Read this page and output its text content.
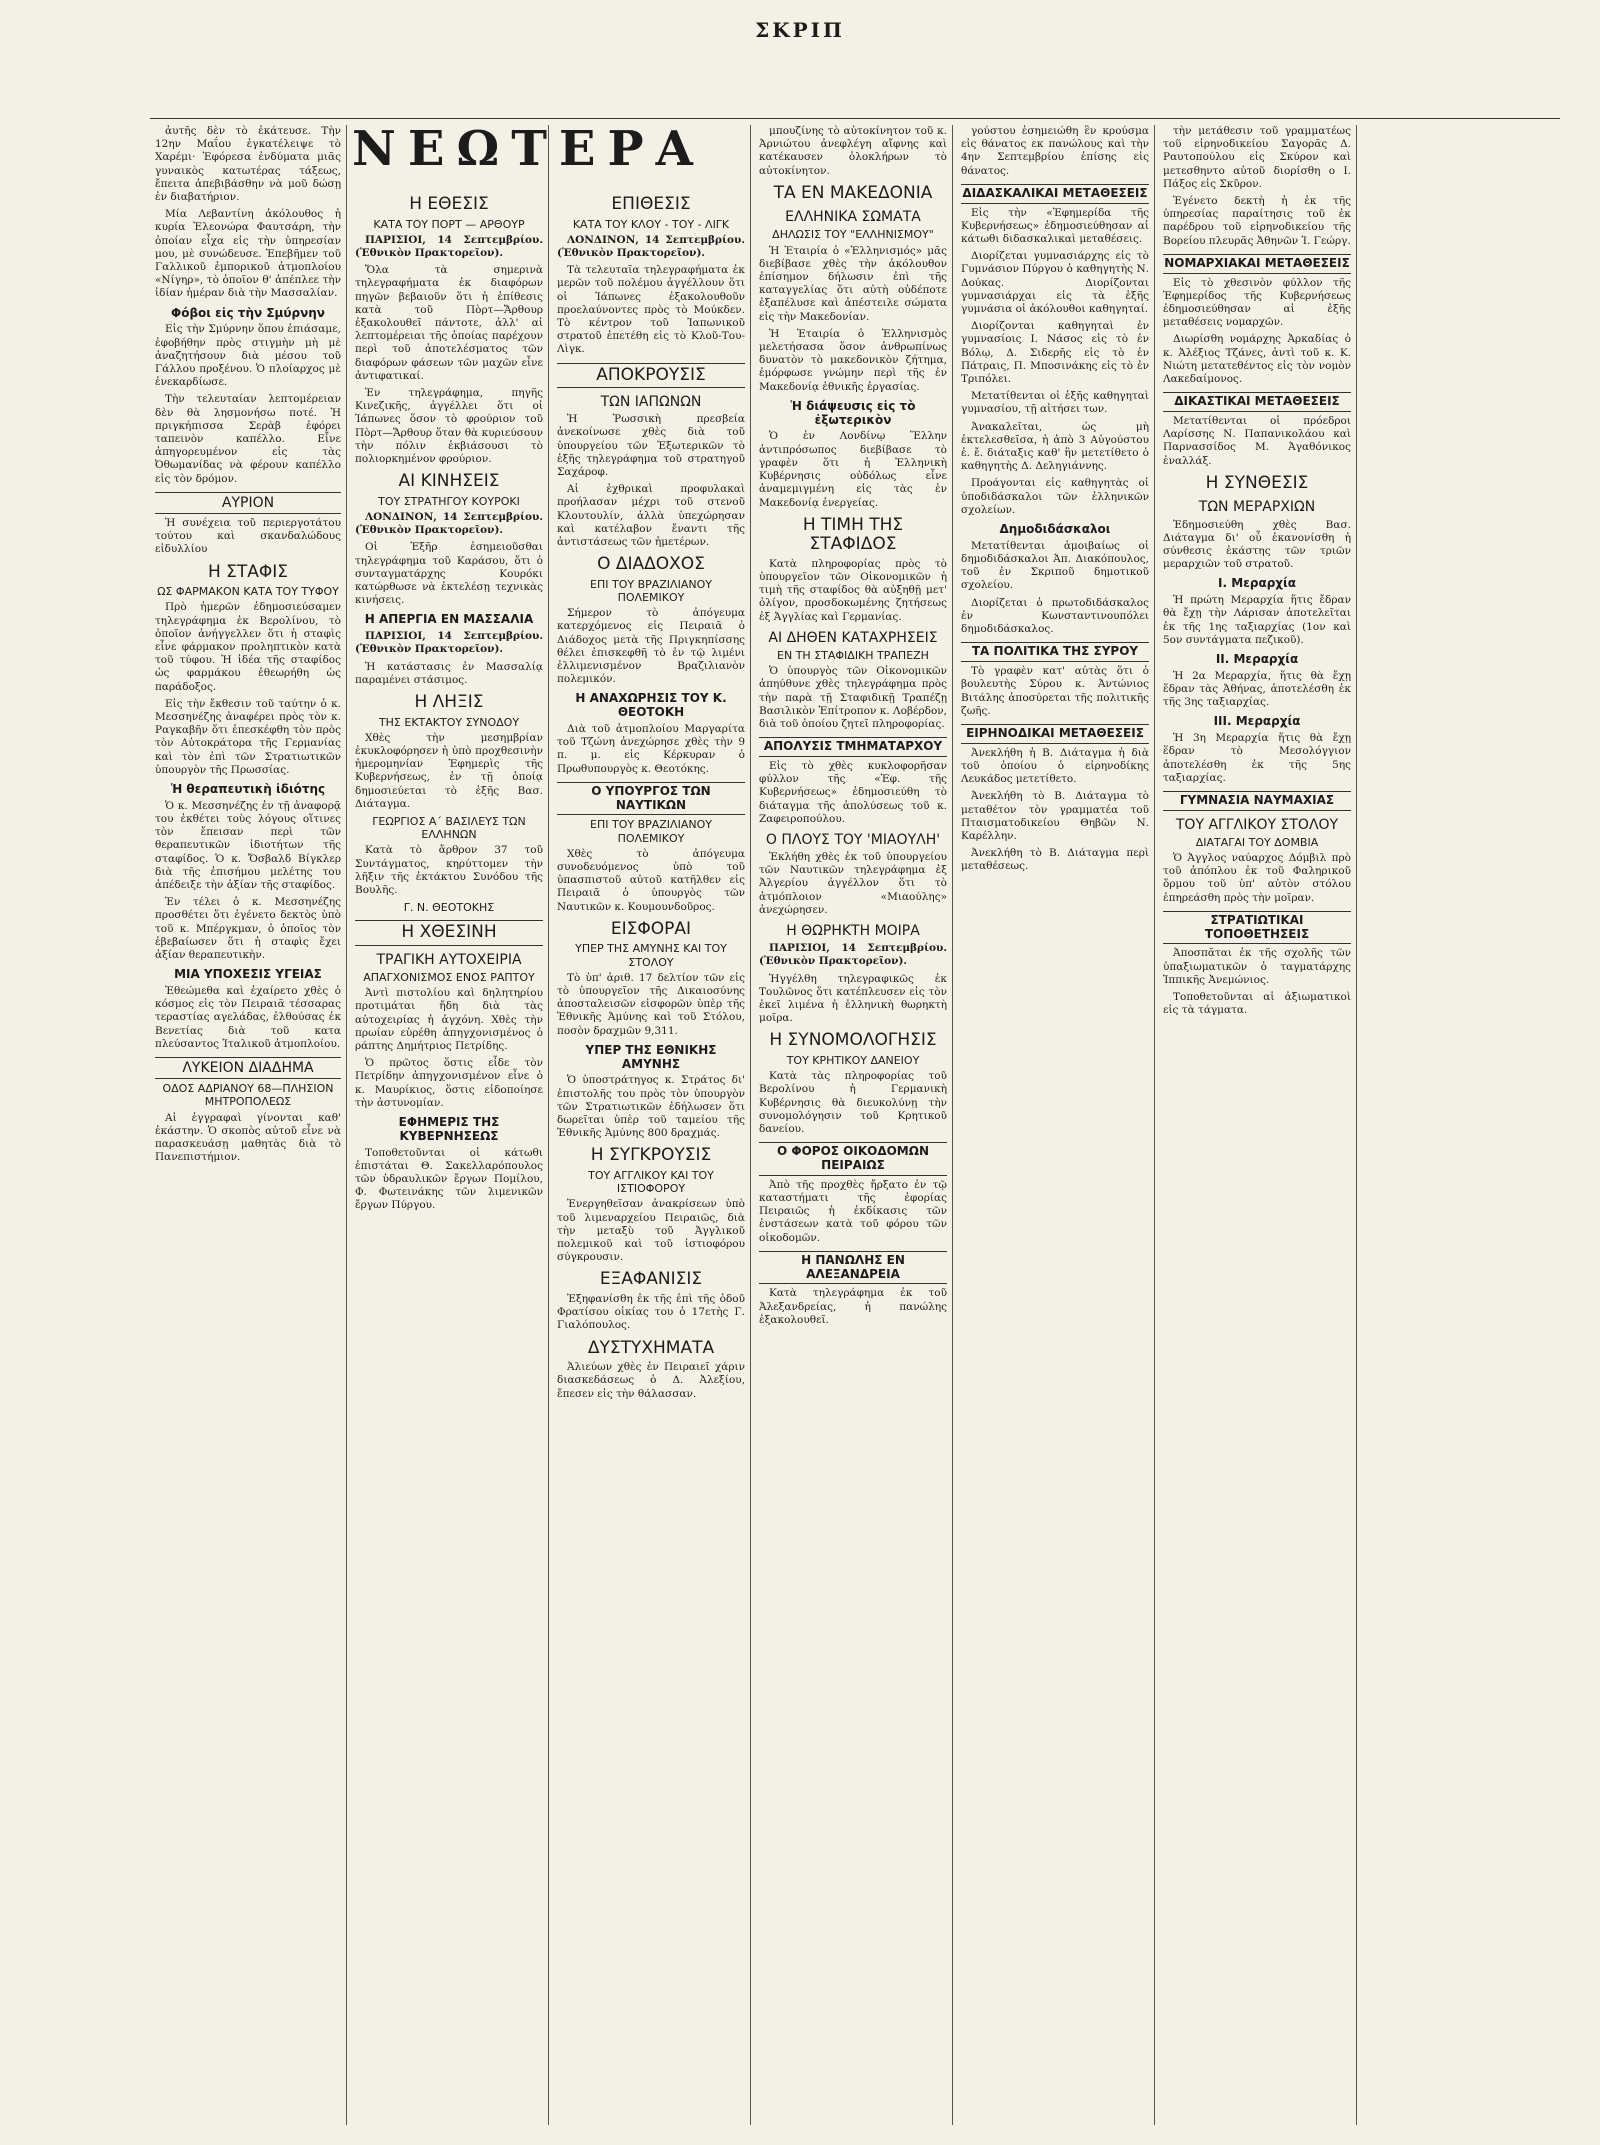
ΣΚΡΙΠ
ΝΕΩΤΕΡΑ

ἀυτῆς δὲν τὸ ἐκάτευσε. Τὴν 12ην Μαΐου ἐγκατέλειψε τὸ Χαρέμι· Ἐφόρεσα ἐνδύματα μιᾶς γυναικὸς κατωτέρας τάξεως, ἔπειτα ἀπεβιβάσθην νὰ μοῦ δώσῃ ἐν διαβατήριον.

Μία Λεβαντίνη ἀκόλουθος ἡ κυρία Ἐλεονώρα Φαυτσάρη, τὴν ὁποίαν εἶχα εἰς τὴν ὑπηρεσίαν μου, μὲ συνώδευσε. Ἐπεβῆμεν τοῦ Γαλλικοῦ ἐμπορικοῦ ἀτμοπλοίου «Νίγηρ», τὸ ὁποῖον θ' ἀπέπλεε τὴν ἰδίαν ἡμέραν διὰ τὴν Μασσαλίαν.

Φόβοι εἰς τὴν Σμύρνην

Εἰς τὴν Σμύρνην ὅπου ἐπιάσαμε, ἐφοβήθην πρὸς στιγμὴν μὴ μὲ ἀναζητήσουν διὰ μέσου τοῦ Γάλλου προξένου. Ὁ πλοίαρχος μὲ ἐνεκαρδίωσε.

Τὴν τελευταίαν λεπτομέρειαν δὲν θὰ λησμονήσω ποτέ. Ἡ πριγκήπισσα Σερὰβ ἐφόρει ταπεινὸν καπέλλο. Εἶνε ἀπηγορευμένον εἰς τὰς Ὀθωμανίδας νὰ φέρουν καπέλλο εἰς τὸν δρόμον.

ΑΥΡΙΟΝ

Ἡ συνέχεια τοῦ περιεργοτάτου τούτου καὶ σκανδαλώδους εἰδυλλίου

Η ΣΤΑΦΙΣ
ΩΣ ΦΑΡΜΑΚΟΝ ΚΑΤΑ ΤΟΥ ΤΥΦΟΥ

Πρὸ ἡμερῶν ἐδημοσιεύσαμεν τηλεγράφημα ἐκ Βερολίνου, τὸ ὁποῖον ἀνήγγελλεν ὅτι ἡ σταφὶς εἶνε φάρμακον προληπτικὸν κατὰ τοῦ τύφου. Ἡ ἰδέα τῆς σταφίδος ὡς φαρμάκου ἐθεωρήθη ὡς παράδοξος.

Εἰς τὴν ἔκθεσιν τοῦ ταύτην ὁ κ. Μεσσηνέζης ἀναφέρει πρὸς τὸν κ. Ραγκαβῆν ὅτι ἐπεσκέφθη τὸν πρὸς τὸν Αὐτοκράτορα τῆς Γερμανίας καὶ τὸν ἐπὶ τῶν Στρατιωτικῶν ὑπουργὸν τῆς Πρωσσίας.

Ἡ θεραπευτικὴ ἰδιότης

Ὁ κ. Μεσσηνέζης ἐν τῇ ἀναφορᾷ του ἐκθέτει τοὺς λόγους οἵτινες τὸν ἔπεισαν περὶ τῶν θεραπευτικῶν ἰδιοτήτων τῆς σταφίδος. Ὁ κ. Ὄσβαλδ Βίγκλερ διὰ τῆς ἐπισήμου μελέτης του ἀπέδειξε τὴν ἀξίαν τῆς σταφίδος.

Ἐν τέλει ὁ κ. Μεσσηνέζης προσθέτει ὅτι ἐγένετο δεκτὸς ὑπὸ τοῦ κ. Μπέργκμαν, ὁ ὁποῖος τὸν ἐβεβαίωσεν ὅτι ἡ σταφὶς ἔχει ἀξίαν θεραπευτικὴν.

ΜΙΑ ΥΠΟΧΕΣΙΣ ΥΓΕΙΑΣ

Ἐθεώμεθα καὶ ἐχαίρετο χθὲς ὁ κόσμος εἰς τὸν Πειραιᾶ τέσσαρας τεραστίας αγελάδας, ἐλθούσας ἐκ Βενετίας διὰ τοῦ κατα πλεύσαντος Ἰταλικοῦ ἀτμοπλοίου.

ΛΥΚΕΙΟΝ ΔΙΑΔΗΜΑ
ΟΔΟΣ ΑΔΡΙΑΝΟΥ 68—ΠΛΗΣΙΟΝ ΜΗΤΡΟΠΟΛΕΩΣ

Αἱ ἐγγραφαὶ γίνονται καθ' ἑκάστην. Ὁ σκοπὸς αὐτοῦ εἶνε νὰ παρασκευάσῃ μαθητὰς διὰ τὸ Πανεπιστήμιον.

Η ΕΘΕΣΙΣ
ΚΑΤΑ ΤΟΥ ΠΟΡΤ — ΑΡΘΟΥΡ

ΠΑΡΙΣΙΟΙ, 14 Σεπτεμβρίου. (Ἐθνικὸν Πρακτορεῖον).

Ὅλα τὰ σημερινὰ τηλεγραφήματα ἐκ διαφόρων πηγῶν βεβαιοῦν ὅτι ἡ ἐπίθεσις κατὰ τοῦ Πὸρτ—Ἄρθουρ ἐξακολουθεῖ πάντοτε, ἀλλ' αἱ λεπτομέρειαι τῆς ὁποίας παρέχουν περὶ τοῦ ἀποτελέσματος τῶν διαφόρων φάσεων τῶν μαχῶν εἶνε ἀντιφατικαί.

Ἐν τηλεγράφημα, πηγῆς Κινεζικῆς, ἀγγέλλει ὅτι οἱ Ἰάπωνες ὅσον τὸ φρούριον τοῦ Πὸρτ—Ἄρθουρ ὅταν θὰ κυριεύσουν τὴν πόλιν ἐκβιάσουσι τὸ πολιορκημένον φρούριον.

ΑΙ ΚΙΝΗΣΕΙΣ
ΤΟΥ ΣΤΡΑΤΗΓΟΥ ΚΟΥΡΟΚΙ

ΛΟΝΔΙΝΟΝ, 14 Σεπτεμβρίου. (Ἐθνικὸν Πρακτορεῖον).

Οἱ Ἐξῆρ ἐσημειοῦσθαι τηλεγράφημα τοῦ Καράσου, ὅτι ὁ συνταγματάρχης Κουρόκι κατώρθωσε νὰ ἐκτελέσῃ τεχνικὰς κινήσεις.

Η ΑΠΕΡΓΙΑ ΕΝ ΜΑΣΣΑΛΙΑ

ΠΑΡΙΣΙΟΙ, 14 Σεπτεμβρίου. (Ἐθνικὸν Πρακτορεῖον).

Ἡ κατάστασις ἐν Μασσαλίᾳ παραμένει στάσιμος.

Η ΛΗΞΙΣ
ΤΗΣ ΕΚΤΑΚΤΟΥ ΣΥΝΟΔΟΥ

Χθὲς τὴν μεσημβρίαν ἐκυκλοφόρησεν ἡ ὑπὸ προχθεσινὴν ἡμερομηνίαν Ἐφημερὶς τῆς Κυβερνήσεως, ἐν τῇ ὁποίᾳ δημοσιεύεται τὸ ἑξῆς Βασ. Διάταγμα.

ΓΕΩΡΓΙΟΣ Α΄ ΒΑΣΙΛΕΥΣ ΤΩΝ ΕΛΛΗΝΩΝ

Κατὰ τὸ ἄρθρον 37 τοῦ Συντάγματος, κηρύττομεν τὴν λῆξιν τῆς ἐκτάκτου Συνόδου τῆς Βουλῆς.

Γ. Ν. ΘΕΟΤΟΚΗΣ
Η ΧΘΕΣΙΝΗ
ΤΡΑΓΙΚΗ ΑΥΤΟΧΕΙΡΙΑ
ΑΠΑΓΧΟΝΙΣΜΟΣ ΕΝΟΣ ΡΑΠΤΟΥ

Ἀντὶ πιστολίου καὶ δηλητηρίου προτιμάται ἤδη διὰ τὰς αὐτοχειρίας ἡ ἀγχόνη. Χθὲς τὴν πρωίαν εὑρέθη ἀπηγχονισμένος ὁ ράπτης Δημήτριος Πετρίδης.

Ὁ πρῶτος ὅστις εἶδε τὸν Πετρίδην ἀπηγχονισμένον εἶνε ὁ κ. Μαυρίκιος, ὅστις εἰδοποίησε τὴν ἀστυνομίαν.

ΕΦΗΜΕΡΙΣ ΤΗΣ ΚΥΒΕΡΝΗΣΕΩΣ

Τοποθετοῦνται οἱ κάτωθι ἐπιστάται Θ. Σακελλαρόπουλος τῶν ὑδραυλικῶν ἔργων Πομίλου, Φ. Φωτεινάκης τῶν λιμενικῶν ἔργων Πύργου.

ΕΠΙΘΕΣΙΣ
ΚΑΤΑ ΤΟΥ ΚΛΟΥ - ΤΟΥ - ΛΙΓΚ

ΛΟΝΔΙΝΟΝ, 14 Σεπτεμβρίου. (Ἐθνικὸν Πρακτορεῖον).

Τὰ τελευταῖα τηλεγραφήματα ἐκ μερῶν τοῦ πολέμου ἀγγέλλουν ὅτι οἱ Ἰάπωνες ἐξακολουθοῦν προελαύνοντες πρὸς τὸ Μούκδεν. Τὸ κέντρον τοῦ Ἰαπωνικοῦ στρατοῦ ἐπετέθη εἰς τὸ Κλοῦ-Του-Λὶγκ.

ΑΠΟΚΡΟΥΣΙΣ
ΤΩΝ ΙΑΠΩΝΩΝ

Ἡ Ῥωσσικὴ πρεσβεία ἀνεκοίνωσε χθὲς διὰ τοῦ ὑπουργείου τῶν Ἐξωτερικῶν τὸ ἑξῆς τηλεγράφημα τοῦ στρατηγοῦ Σαχάροφ.

Αἱ ἐχθρικαὶ προφυλακαὶ προήλασαν μέχρι τοῦ στενοῦ Κλουτουλίν, ἀλλὰ ὑπεχώρησαν καὶ κατέλαβον ἔναντι τῆς ἀντιστάσεως τῶν ἡμετέρων.

Ο ΔΙΑΔΟΧΟΣ
ΕΠΙ ΤΟΥ ΒΡΑΖΙΛΙΑΝΟΥ ΠΟΛΕΜΙΚΟΥ

Σήμερον τὸ ἀπόγευμα κατερχόμενος εἰς Πειραιᾶ ὁ Διάδοχος μετὰ τῆς Πριγκηπίσσης θέλει ἐπισκεφθῆ τὸ ἐν τῷ λιμένι ἐλλιμενισμένον Βραζιλιανὸν πολεμικόν.

Η ΑΝΑΧΩΡΗΣΙΣ ΤΟΥ Κ. ΘΕΟΤΟΚΗ

Διὰ τοῦ ἀτμοπλοίου Μαργαρίτα τοῦ Τζώνη ἀνεχώρησε χθὲς τὴν 9 π. μ. εἰς Κέρκυραν ὁ Πρωθυπουργὸς κ. Θεοτόκης.

Ο ΥΠΟΥΡΓΟΣ ΤΩΝ ΝΑΥΤΙΚΩΝ
ΕΠΙ ΤΟΥ ΒΡΑΖΙΛΙΑΝΟΥ ΠΟΛΕΜΙΚΟΥ

Χθὲς τὸ ἀπόγευμα συνοδευόμενος ὑπὸ τοῦ ὑπασπιστοῦ αὐτοῦ κατῆλθεν εἰς Πειραιᾶ ὁ ὑπουργὸς τῶν Ναυτικῶν κ. Κουμουνδοῦρος.

ΕΙΣΦΟΡΑΙ
ΥΠΕΡ ΤΗΣ ΑΜΥΝΗΣ ΚΑΙ ΤΟΥ ΣΤΟΛΟΥ

Τὸ ὑπ' ἀριθ. 17 δελτίον τῶν εἰς τὸ ὑπουργεῖον τῆς Δικαιοσύνης ἀποσταλεισῶν εἰσφορῶν ὑπὲρ τῆς Ἐθνικῆς Ἀμύνης καὶ τοῦ Στόλου, ποσὸν δραχμῶν 9,311.

ΥΠΕΡ ΤΗΣ ΕΘΝΙΚΗΣ ΑΜΥΝΗΣ

Ὁ ὑποστράτηγος κ. Στράτος δι' ἐπιστολῆς του πρὸς τὸν ὑπουργὸν τῶν Στρατιωτικῶν ἐδήλωσεν ὅτι δωρεῖται ὑπὲρ τοῦ ταμείου τῆς Ἐθνικῆς Ἀμύνης 800 δραχμάς.

Η ΣΥΓΚΡΟΥΣΙΣ
ΤΟΥ ΑΓΓΛΙΚΟΥ ΚΑΙ ΤΟΥ ΙΣΤΙΟΦΟΡΟΥ

Ἐνεργηθεῖσαν ἀνακρίσεων ὑπὸ τοῦ λιμεναρχείου Πειραιῶς, διὰ τὴν μεταξὺ τοῦ Ἀγγλικοῦ πολεμικοῦ καὶ τοῦ ἱστιοφόρου σύγκρουσιν.

ΕΞΑΦΑΝΙΣΙΣ

Ἐξηφανίσθη ἐκ τῆς ἐπὶ τῆς ὁδοῦ Φρατίσου οἰκίας του ὁ 17ετὴς Γ. Γιαλόπουλος.

ΔΥΣΤΥΧΗΜΑΤΑ

Ἀλιεύων χθὲς ἐν Πειραιεῖ χάριν διασκεδάσεως ὁ Δ. Ἀλεξίου, ἔπεσεν εἰς τὴν θάλασσαν.

μπουζίνης τὸ αὐτοκίνητον τοῦ κ. Ἀρνιώτου ἀνεφλέγη αἴφνης καὶ κατέκαυσεν ὁλοκλήρων τὸ αὐτοκίνητον.

ΤΑ ΕΝ ΜΑΚΕΔΟΝΙΑ
ΕΛΛΗΝΙΚΑ ΣΩΜΑΤΑ
ΔΗΛΩΣΙΣ ΤΟΥ "ΕΛΛΗΝΙΣΜΟΥ"

Ἡ Ἑταιρία ὁ «Ἑλληνισμός» μᾶς διεβίβασε χθὲς τὴν ἀκόλουθον ἐπίσημον δήλωσιν ἐπὶ τῆς καταγγελίας ὅτι αὐτὴ οὐδέποτε ἐξαπέλυσε καὶ ἀπέστειλε σώματα εἰς τὴν Μακεδονίαν.

Ἡ Ἑταιρία ὁ Ἑλληνισμὸς μελετήσασα ὅσον ἀνθρωπίνως δυνατὸν τὸ μακεδονικὸν ζήτημα, ἐμόρφωσε γνώμην περὶ τῆς ἐν Μακεδονίᾳ ἐθνικῆς ἐργασίας.

Ἡ διάψευσις εἰς τὸ ἐξωτερικὸν

Ὁ ἐν Λονδίνῳ Ἕλλην ἀντιπρόσωπος διεβίβασε τὸ γραφὲν ὅτι ἡ Ἑλληνικὴ Κυβέρνησις οὐδόλως εἶνε ἀναμεμιγμένη εἰς τὰς ἐν Μακεδονίᾳ ἐνεργείας.

Η ΤΙΜΗ ΤΗΣ ΣΤΑΦΙΔΟΣ

Κατὰ πληροφορίας πρὸς τὸ ὑπουργεῖον τῶν Οἰκονομικῶν ἡ τιμὴ τῆς σταφίδος θὰ αὐξηθῇ μετ' ὀλίγον, προσδοκωμένης ζητήσεως ἐξ Ἀγγλίας καὶ Γερμανίας.

ΑΙ ΔΗΘΕΝ ΚΑΤΑΧΡΗΣΕΙΣ
ΕΝ ΤΗ ΣΤΑΦΙΔΙΚΗ ΤΡΑΠΕΖΗ

Ὁ ὑπουργὸς τῶν Οἰκονομικῶν ἀπηύθυνε χθὲς τηλεγράφημα πρὸς τὴν παρὰ τῇ Σταφιδικῇ Τραπέζῃ Βασιλικὸν Ἐπίτροπον κ. Λοβέρδον, διὰ τοῦ ὁποίου ζητεῖ πληροφορίας.

ΑΠΟΛΥΣΙΣ ΤΜΗΜΑΤΑΡΧΟΥ

Εἰς τὸ χθὲς κυκλοφορῆσαν φύλλον τῆς «Ἐφ. τῆς Κυβερνήσεως» ἐδημοσιεύθη τὸ διάταγμα τῆς ἀπολύσεως τοῦ κ. Ζαφειροπούλου.

Ο ΠΛΟΥΣ ΤΟΥ 'ΜΙΑΟΥΛΗ'

Ἐκλήθη χθὲς ἐκ τοῦ ὑπουργείου τῶν Ναυτικῶν τηλεγράφημα ἐξ Ἀλγερίου ἀγγέλλον ὅτι τὸ ἀτμόπλοιον «Μιαούλης» ἀνεχώρησεν.

Η ΘΩΡΗΚΤΗ ΜΟΙΡΑ

ΠΑΡΙΣΙΟΙ, 14 Σεπτεμβρίου. (Ἐθνικὸν Πρακτορεῖον).

Ἠγγέλθη τηλεγραφικῶς ἐκ Τουλῶνος ὅτι κατέπλευσεν εἰς τὸν ἐκεῖ λιμένα ἡ ἑλληνικὴ θωρηκτὴ μοῖρα.

Η ΣΥΝΟΜΟΛΟΓΗΣΙΣ
ΤΟΥ ΚΡΗΤΙΚΟΥ ΔΑΝΕΙΟΥ

Κατὰ τὰς πληροφορίας τοῦ Βερολίνου ἡ Γερμανικὴ Κυβέρνησις θὰ διευκολύνῃ τὴν συνομολόγησιν τοῦ Κρητικοῦ δανείου.

Ο ΦΟΡΟΣ ΟΙΚΟΔΟΜΩΝ ΠΕΙΡΑΙΩΣ

Ἀπὸ τῆς προχθὲς ἤρξατο ἐν τῷ καταστήματι τῆς ἐφορίας Πειραιῶς ἡ ἐκδίκασις τῶν ἐνστάσεων κατὰ τοῦ φόρου τῶν οἰκοδομῶν.

Η ΠΑΝΩΛΗΣ ΕΝ ΑΛΕΞΑΝΔΡΕΙΑ

Κατὰ τηλεγράφημα ἐκ τοῦ Ἀλεξανδρείας, ἡ πανώλης ἐξακολουθεῖ.

γούστου ἐσημειώθη ἓν κρούσμα εἰς θάνατος εκ πανώλους καὶ τὴν 4ην Σεπτεμβρίου ἐπίσης εἰς θάνατος.

ΔΙΔΑΣΚΑΛΙΚΑΙ ΜΕΤΑΘΕΣΕΙΣ

Εἰς τὴν «Ἐφημερίδα τῆς Κυβερνήσεως» ἐδημοσιεύθησαν αἱ κάτωθι διδασκαλικαὶ μεταθέσεις.

Διορίζεται γυμνασιάρχης εἰς τὸ Γυμνάσιον Πύργου ὁ καθηγητὴς Ν. Δούκας. Διορίζονται γυμνασιάρχαι εἰς τὰ ἑξῆς γυμνάσια οἱ ἀκόλουθοι καθηγηταί.

Διορίζονται καθηγηταὶ ἐν γυμνασίοις Ι. Νάσος εἰς τὸ ἐν Βόλῳ, Δ. Σιδερῆς εἰς τὸ ἐν Πάτραις, Π. Μποσινάκης εἰς τὸ ἐν Τριπόλει.

Μετατίθενται οἱ ἑξῆς καθηγηταὶ γυμνασίου, τῇ αἰτήσει των.

Ἀνακαλεῖται, ὡς μὴ ἐκτελεσθεῖσα, ἡ ἀπὸ 3 Αὐγούστου ἐ. ἔ. διάταξις καθ' ἣν μετετίθετο ὁ καθηγητὴς Δ. Δεληγιάννης.

Προάγονται εἰς καθηγητὰς οἱ ὑποδιδάσκαλοι τῶν ἑλληνικῶν σχολείων.

Δημοδιδάσκαλοι

Μετατίθενται ἁμοιβαίως οἱ δημοδιδάσκαλοι Ἀπ. Διακόπουλος, τοῦ ἐν Σκριποῦ δημοτικοῦ σχολείου.

Διορίζεται ὁ πρωτοδιδάσκαλος ἐν Κωνσταντινουπόλει δημοδιδάσκαλος.

ΤΑ ΠΟΛΙΤΙΚΑ ΤΗΣ ΣΥΡΟΥ

Τὸ γραφὲν κατ' αὐτὰς ὅτι ὁ βουλευτὴς Σύρου κ. Ἀντώνιος Βιτάλης ἀποσύρεται τῆς πολιτικῆς ζωῆς.

ΕΙΡΗΝΟΔΙΚΑΙ ΜΕΤΑΘΕΣΕΙΣ

Ἀνεκλήθη ἡ Β. Διάταγμα ἡ διὰ τοῦ ὁποίου ὁ εἰρηνοδίκης Λευκάδος μετετίθετο.

Ἀνεκλήθη τὸ Β. Διάταγμα τὸ μεταθέτον τὸν γραμματέα τοῦ Πταισματοδικείου Θηβῶν Ν. Καρέλλην.

Ἀνεκλήθη τὸ Β. Διάταγμα περὶ μεταθέσεως.

τὴν μετάθεσιν τοῦ γραμματέως τοῦ εἰρηνοδικείου Σαγορᾶς Δ. Ραυτοπούλου εἰς Σκύρον καὶ μετεσθηντο αὐτοῦ διορίσθη ο Ι. Πάξος εἰς Σκῦρον.

Ἐγένετο δεκτὴ ἡ ἐκ τῆς ὑπηρεσίας παραίτησις τοῦ ἐκ παρέδρου τοῦ εἰρηνοδικείου τῆς Βορείου πλευρᾶς Ἀθηνῶν Ἰ. Γεώργ.

ΝΟΜΑΡΧΙΑΚΑΙ ΜΕΤΑΘΕΣΕΙΣ

Εἰς τὸ χθεσινὸν φύλλον τῆς Ἐφημερίδος τῆς Κυβερνήσεως ἐδημοσιεύθησαν αἱ ἑξῆς μεταθέσεις νομαρχῶν.

Διωρίσθη νομάρχης Ἀρκαδίας ὁ κ. Ἀλέξιος Τζάνες, ἀντὶ τοῦ κ. Κ. Νιώτη μετατεθέντος εἰς τὸν νομὸν Λακεδαίμονος.

ΔΙΚΑΣΤΙΚΑΙ ΜΕΤΑΘΕΣΕΙΣ

Μετατίθενται οἱ πρόεδροι Λαρίσσης Ν. Παπανικολάου καὶ Παρνασσίδος Μ. Ἀγαθόνικος ἐναλλάξ.

Η ΣΥΝΘΕΣΙΣ
ΤΩΝ ΜΕΡΑΡΧΙΩΝ

Ἐδημοσιεύθη χθὲς Βασ. Διάταγμα δι' οὗ ἐκανονίσθη ἡ σύνθεσις ἑκάστης τῶν τριῶν μεραρχιῶν τοῦ στρατοῦ.

Ι. Μεραρχία

Ἡ πρώτη Μεραρχία ἥτις ἔδραν θὰ ἔχῃ τὴν Λάρισαν ἀποτελεῖται ἐκ τῆς 1ης ταξιαρχίας (1ον καὶ 5ον συντάγματα πεζικοῦ).

ΙΙ. Μεραρχία

Ἡ 2α Μεραρχία, ἥτις θὰ ἔχῃ ἕδραν τὰς Ἀθήνας, ἀποτελέσθη ἐκ τῆς 3ης ταξιαρχίας.

ΙΙΙ. Μεραρχία

Ἡ 3η Μεραρχία ἥτις θὰ ἔχῃ ἕδραν τὸ Μεσολόγγιον ἀποτελέσθη ἐκ τῆς 5ης ταξιαρχίας.

ΓΥΜΝΑΣΙΑ ΝΑΥΜΑΧΙΑΣ
ΤΟΥ ΑΓΓΛΙΚΟΥ ΣΤΟΛΟΥ
ΔΙΑΤΑΓΑΙ ΤΟΥ ΔΟΜΒΙΑ

Ὁ Ἀγγλος ναύαρχος Δόμβιλ πρὸ τοῦ ἀπόπλου ἐκ τοῦ Φαληρικοῦ ὅρμου τοῦ ὑπ' αὐτὸν στόλου ἐπηρεάσθη πρὸς τὴν μοῖραν.

ΣΤΡΑΤΙΩΤΙΚΑΙ ΤΟΠΟΘΕΤΗΣΕΙΣ

Ἀποσπᾶται ἐκ τῆς σχολῆς τῶν ὑπαξιωματικῶν ὁ ταγματάρχης Ἱππικῆς Ἀνεμώνιος.

Τοποθετοῦνται αἱ ἀξιωματικοὶ εἰς τὰ τάγματα.
